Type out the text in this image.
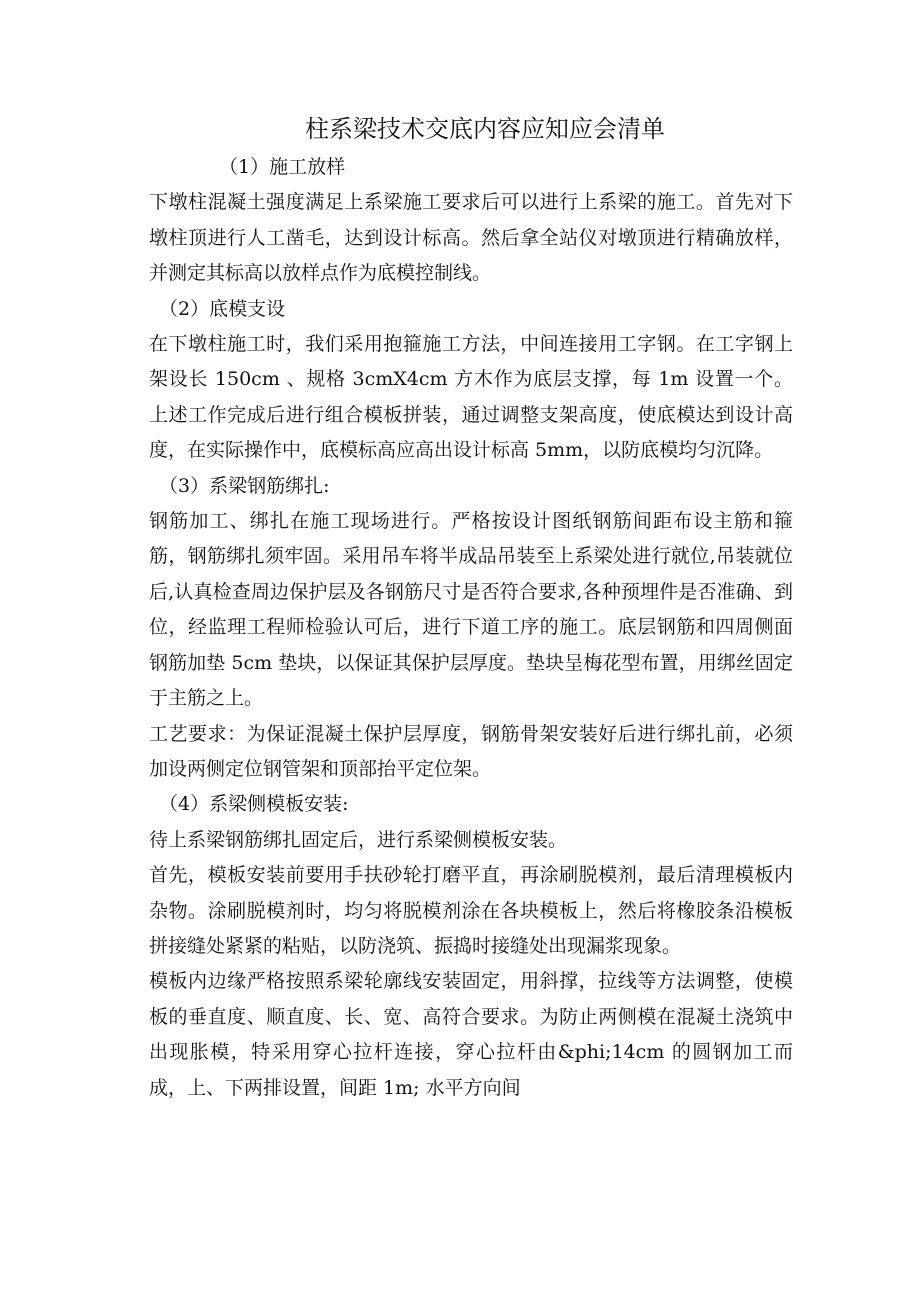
柱系梁技术交底内容应知应会清单

（1）施工放样

下墩柱混凝土强度满足上系梁施工要求后可以进行上系梁的施工。首先对下墩柱顶进行人工凿毛，达到设计标高。然后拿全站仪对墩顶进行精确放样，并测定其标高以放样点作为底模控制线。

（2）底模支设

在下墩柱施工时，我们采用抱箍施工方法，中间连接用工字钢。在工字钢上架设长 150cm 、规格 3cmX4cm 方木作为底层支撑，每 1m 设置一个。上述工作完成后进行组合模板拼装，通过调整支架高度，使底模达到设计高度，在实际操作中，底模标高应高出设计标高 5mm，以防底模均匀沉降。

（3）系梁钢筋绑扎:

钢筋加工、绑扎在施工现场进行。严格按设计图纸钢筋间距布设主筋和箍筋，钢筋绑扎须牢固。采用吊车将半成品吊装至上系梁处进行就位,吊装就位后,认真检查周边保护层及各钢筋尺寸是否符合要求,各种预埋件是否准确、到位，经监理工程师检验认可后，进行下道工序的施工。底层钢筋和四周侧面钢筋加垫 5cm 垫块，以保证其保护层厚度。垫块呈梅花型布置，用绑丝固定于主筋之上。

工艺要求：为保证混凝土保护层厚度，钢筋骨架安装好后进行绑扎前，必须加设两侧定位钢管架和顶部抬平定位架。

（4）系梁侧模板安装:

待上系梁钢筋绑扎固定后，进行系梁侧模板安装。

首先，模板安装前要用手扶砂轮打磨平直，再涂刷脱模剂，最后清理模板内杂物。涂刷脱模剂时，均匀将脱模剂涂在各块模板上，然后将橡胶条沿模板拼接缝处紧紧的粘贴，以防浇筑、振捣时接缝处出现漏浆现象。

模板内边缘严格按照系梁轮廓线安装固定，用斜撑，拉线等方法调整，使模板的垂直度、顺直度、长、宽、高符合要求。为防止两侧模在混凝土浇筑中出现胀模，特采用穿心拉杆连接，穿心拉杆由&phi;14cm 的圆钢加工而成，上、下两排设置，间距 1m; 水平方向间
